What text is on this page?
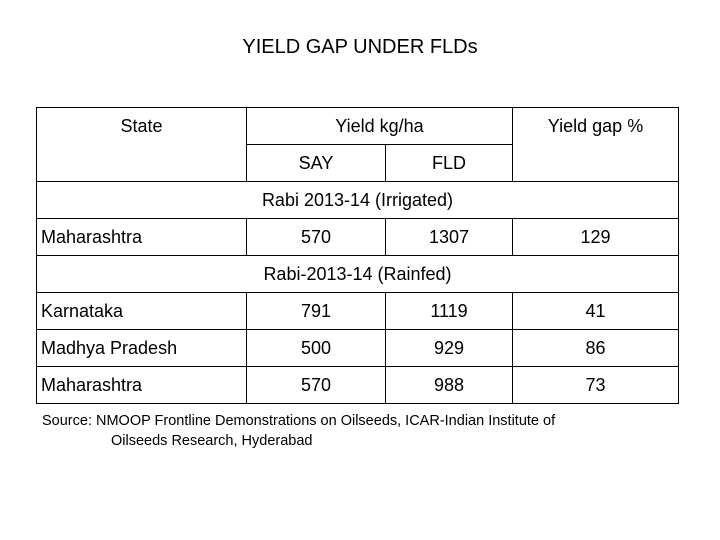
YIELD GAP UNDER FLDs
State	Yield kg/ha		Yield gap %
	SAY	FLD	
Rabi 2013-14 (Irrigated)			
Maharashtra	570	1307	129
Rabi-2013-14 (Rainfed)			
Karnataka	791	1119	41
Madhya Pradesh	500	929	86
Maharashtra	570	988	73
Source: NMOOP Frontline Demonstrations on Oilseeds, ICAR-Indian Institute of
Oilseeds Research, Hyderabad
